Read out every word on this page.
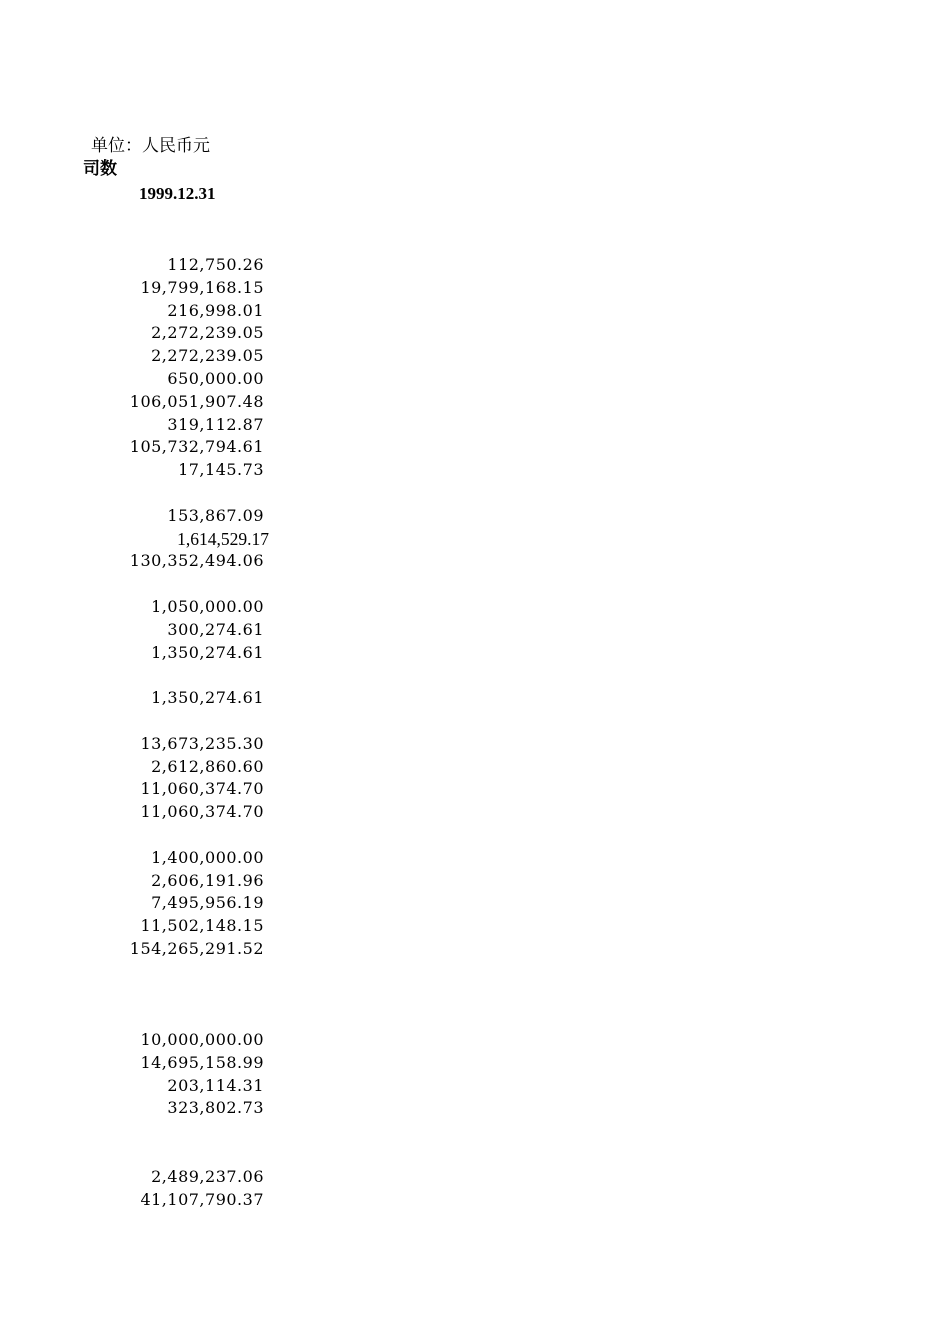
单位：人民币元
司数
1999.12.31
112,750.26
19,799,168.15
216,998.01
2,272,239.05
2,272,239.05
650,000.00
106,051,907.48
319,112.87
105,732,794.61
17,145.73
153,867.09
1,614,529.17
130,352,494.06
1,050,000.00
300,274.61
1,350,274.61
1,350,274.61
13,673,235.30
2,612,860.60
11,060,374.70
11,060,374.70
1,400,000.00
2,606,191.96
7,495,956.19
11,502,148.15
154,265,291.52
10,000,000.00
14,695,158.99
203,114.31
323,802.73
2,489,237.06
41,107,790.37
